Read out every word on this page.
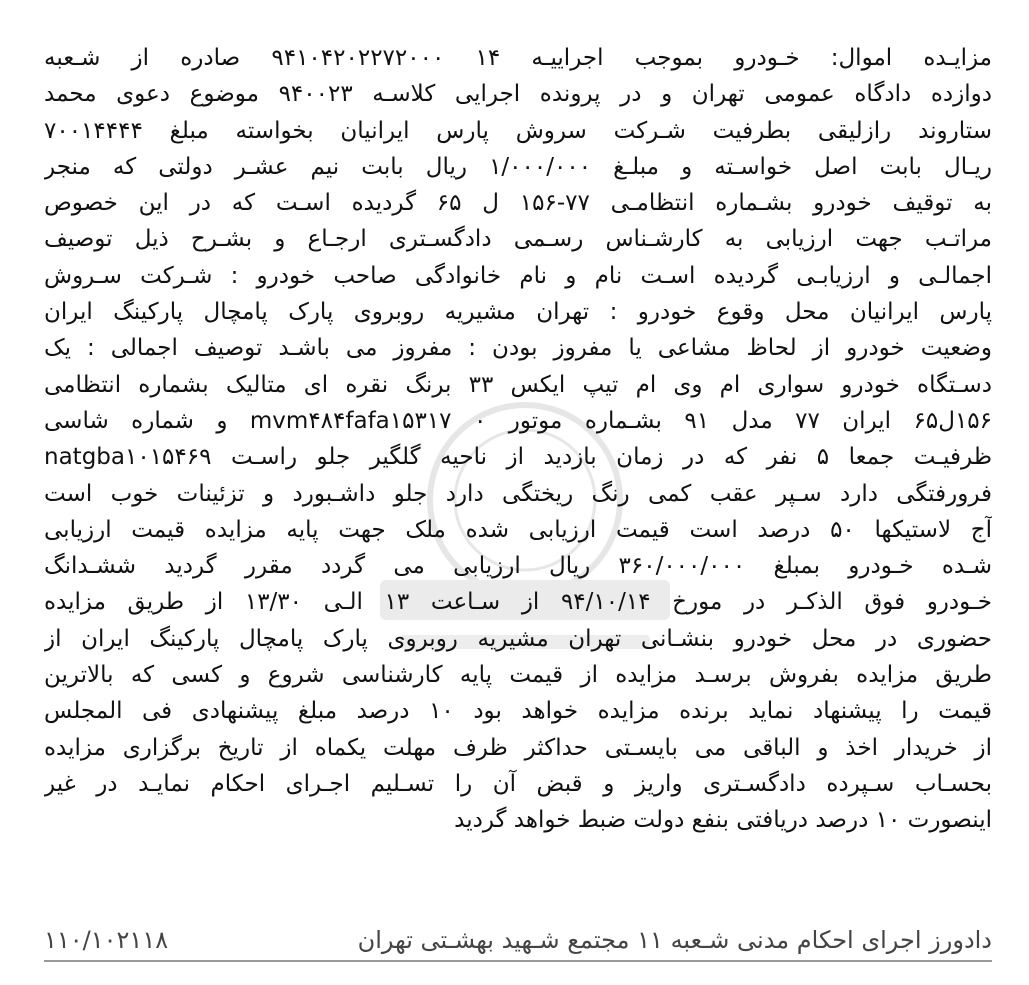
مزایـده اموال: خـودرو بموجب اجراییـه ۱۴ ۹۴۱۰۴۲۰۲۲۷۲۰۰۰ صادره از شـعبه
دوازده دادگاه عمومی تهران و در پرونده اجرایی کلاسـه ۹۴۰۰۲۳ موضوع دعوی محمد
ستاروند رازلیقی بطرفیت شـرکت سروش پارس ایرانیان بخواسته مبلغ ۷۰۰۱۴۴۴۴
ریـال بابت اصل خواسـته و مبلـغ ۱/۰۰۰/۰۰۰ ریال بابت نیم عشـر دولتی که منجر
به توقیف خودرو بشـماره انتظامـی ۷۷-۱۵۶ ل ۶۵ گردیده اسـت که در این خصوص
مراتـب جهت ارزیابی به کارشـناس رسـمی دادگسـتری ارجـاع و بشـرح ذیل توصیف
اجمالـی و ارزیابـی گردیده اسـت نام و نام خانوادگی صاحب خودرو : شـرکت سـروش
پارس ایرانیان محل وقوع خودرو : تهران مشیریه روبروی پارک پامچال پارکینگ ایران
وضعیت خودرو از لحاظ مشاعی یا مفروز بودن : مفروز می باشـد توصیف اجمالی : یک
دسـتگاه خودرو سواری ام وی ام تیپ ایکس ۳۳ برنگ نقره ای متالیک بشماره انتظامی
۱۵۶ل۶۵ ایران ۷۷ مدل ۹۱ بشـماره موتور mvm۴۸۴fafa۱۵۳۱۷ ۰ و شماره شاسی
natgba۱۰۱۵۴۶۹ ظرفیـت جمعا ۵ نفر که در زمان بازدید از ناحیه گلگیر جلو راسـت
فرورفتگی دارد سـپر عقب کمی رنگ ریختگی دارد جلو داشـبورد و تزئینات خوب است
آج لاستیکها ۵۰ درصد است قیمت ارزیابی شده ملک جهت پایه مزایده قیمت ارزیابی
شـده خـودرو بمبلغ ۳۶۰/۰۰۰/۰۰۰ ریال ارزیابی می گردد مقرر گردید ششـدانگ
خـودرو فوق الذکـر در مورخ ۹۴/۱۰/۱۴ از سـاعت ۱۳ الـی ۱۳/۳۰ از طریق مزایده
حضوری در محل خودرو بنشـانی تهران مشیریه روبروی پارک پامچال پارکینگ ایران از
طریق مزایده بفروش برسـد مزایده از قیمت پایه کارشناسی شروع و کسی که بالاترین
قیمت را پیشنهاد نماید برنده مزایده خواهد بود ۱۰ درصد مبلغ پیشنهادی فی المجلس
از خریدار اخذ و الباقی می بایسـتی حداکثر ظرف مهلت یکماه از تاریخ برگزاری مزایده
بحسـاب سـپرده دادگسـتری واریز و قبض آن را تسـلیم اجـرای احکام نمایـد در غیر
اینصورت ۱۰ درصد دریافتی بنفع دولت ضبط خواهد گردید
دادورز اجرای احکام مدنی شـعبه ۱۱ مجتمع شـهید بهشـتی تهران
۱۱۰/۱۰۲۱۱۸
